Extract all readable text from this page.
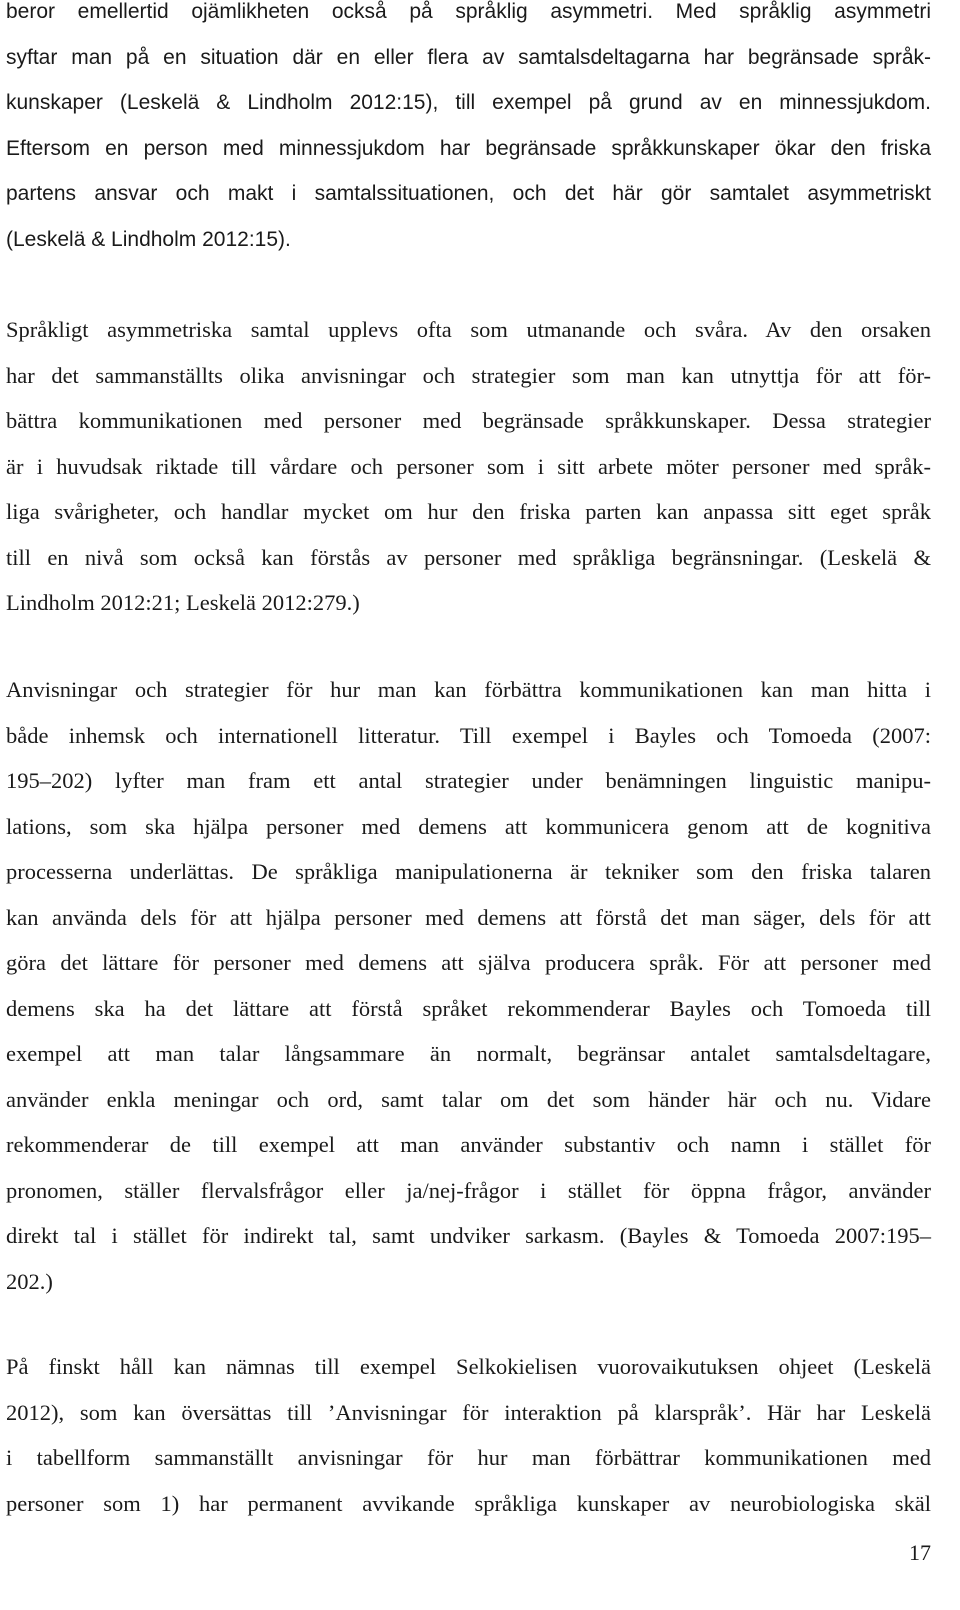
beror emellertid ojämlikheten också på språklig asymmetri. Med språklig asymmetri
syftar man på en situation där en eller flera av samtalsdeltagarna har begränsade språk-
kunskaper (Leskelä & Lindholm 2012:15), till exempel på grund av en minnessjukdom.
Eftersom en person med minnessjukdom har begränsade språkkunskaper ökar den friska
partens ansvar och makt i samtalssituationen, och det här gör samtalet asymmetriskt
(Leskelä & Lindholm 2012:15).
Språkligt asymmetriska samtal upplevs ofta som utmanande och svåra. Av den orsaken
har det sammanställts olika anvisningar och strategier som man kan utnyttja för att för-
bättra kommunikationen med personer med begränsade språkkunskaper. Dessa strategier
är i huvudsak riktade till vårdare och personer som i sitt arbete möter personer med språk-
liga svårigheter, och handlar mycket om hur den friska parten kan anpassa sitt eget språk
till en nivå som också kan förstås av personer med språkliga begränsningar. (Leskelä &
Lindholm 2012:21; Leskelä 2012:279.)
Anvisningar och strategier för hur man kan förbättra kommunikationen kan man hitta i
både inhemsk och internationell litteratur. Till exempel i Bayles och Tomoeda (2007:
195–202) lyfter man fram ett antal strategier under benämningen linguistic manipu-
lations, som ska hjälpa personer med demens att kommunicera genom att de kognitiva
processerna underlättas. De språkliga manipulationerna är tekniker som den friska talaren
kan använda dels för att hjälpa personer med demens att förstå det man säger, dels för att
göra det lättare för personer med demens att själva producera språk. För att personer med
demens ska ha det lättare att förstå språket rekommenderar Bayles och Tomoeda till
exempel att man talar långsammare än normalt, begränsar antalet samtalsdeltagare,
använder enkla meningar och ord, samt talar om det som händer här och nu. Vidare
rekommenderar de till exempel att man använder substantiv och namn i stället för
pronomen, ställer flervalsfrågor eller ja/nej-frågor i stället för öppna frågor, använder
direkt tal i stället för indirekt tal, samt undviker sarkasm. (Bayles & Tomoeda 2007:195–
202.)
På finskt håll kan nämnas till exempel Selkokielisen vuorovaikutuksen ohjeet (Leskelä
2012), som kan översättas till ’Anvisningar för interaktion på klarspråk’. Här har Leskelä
i tabellform sammanställt anvisningar för hur man förbättrar kommunikationen med
personer som 1) har permanent avvikande språkliga kunskaper av neurobiologiska skäl
17
